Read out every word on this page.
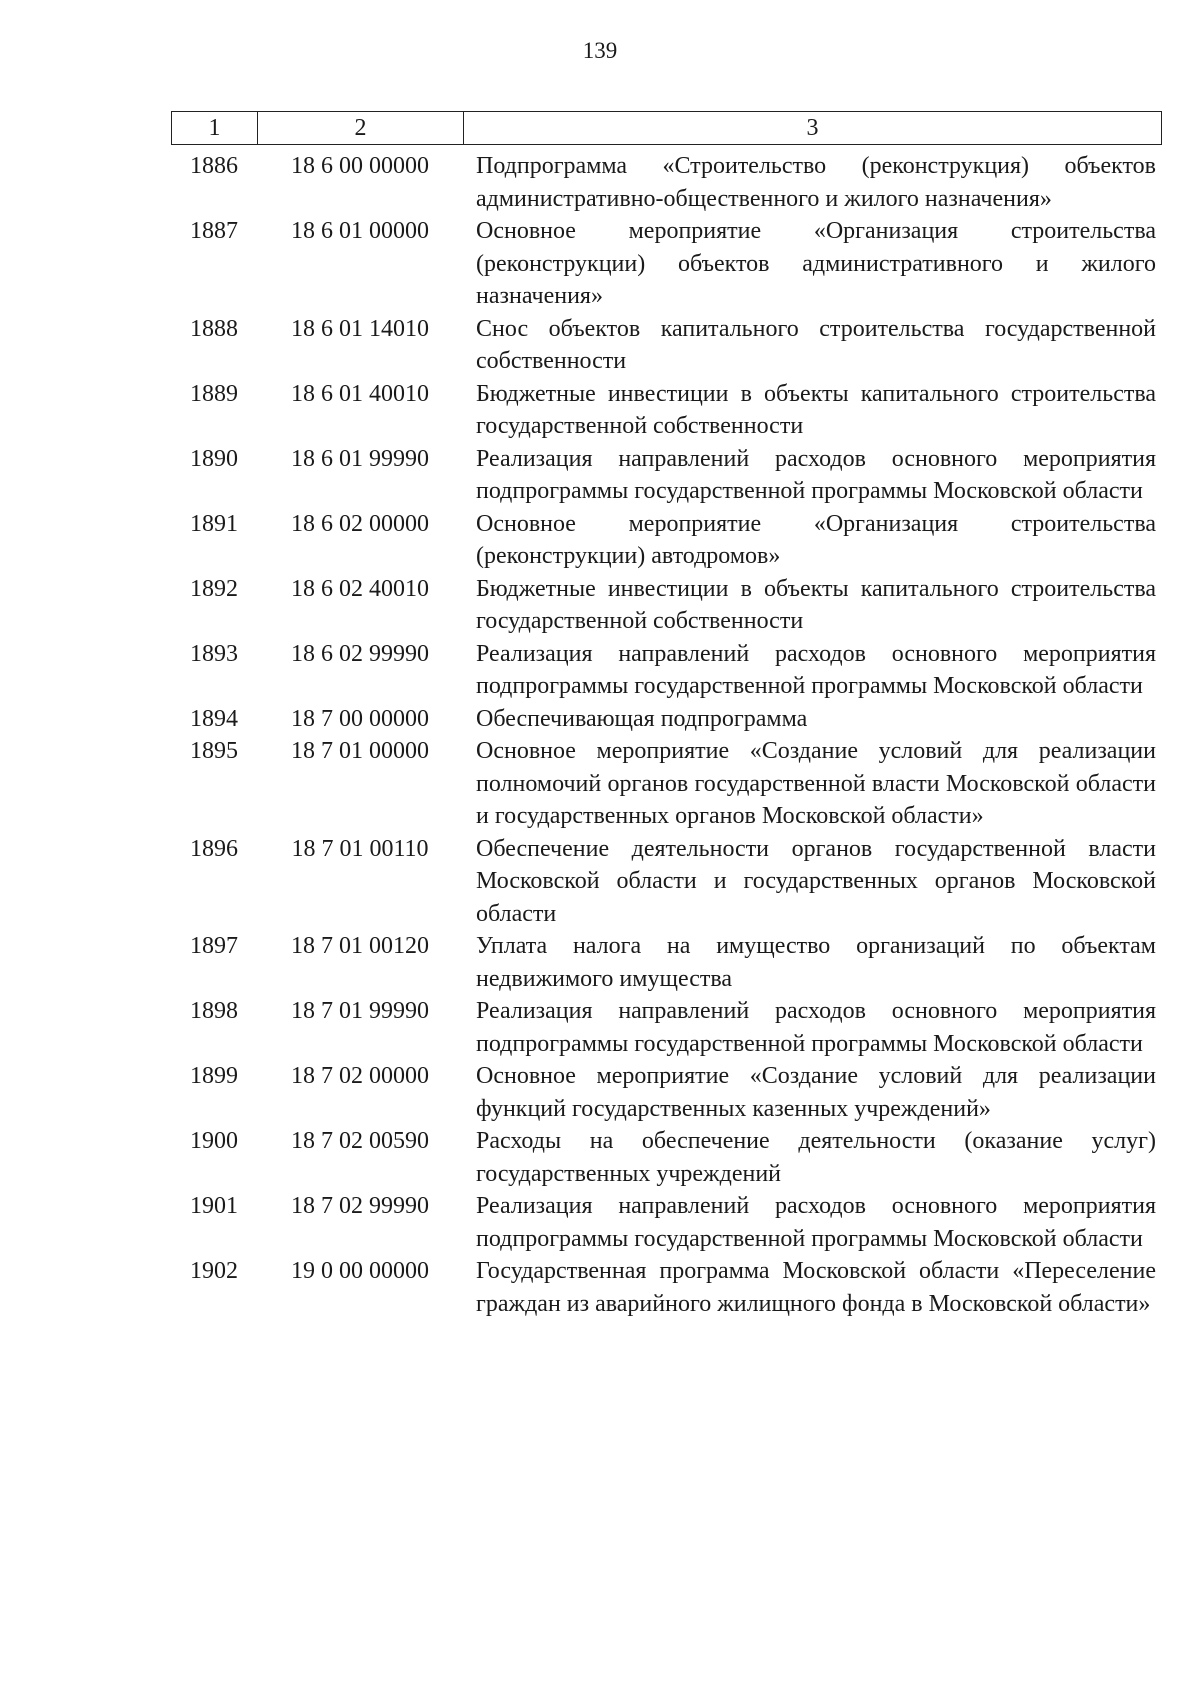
139
1	2	3
1886	18 6 00 00000	Подпрограмма «Строительство (реконструкция) объектов административно-общественного и жилого назначения»
1887	18 6 01 00000	Основное мероприятие «Организация строительства (реконструкции) объектов административного и жилого назначения»
1888	18 6 01 14010	Снос объектов капитального строительства государственной собственности
1889	18 6 01 40010	Бюджетные инвестиции в объекты капитального строительства государственной собственности
1890	18 6 01 99990	Реализация направлений расходов основного мероприятия подпрограммы государственной программы Московской области
1891	18 6 02 00000	Основное мероприятие «Организация строительства (реконструкции) автодромов»
1892	18 6 02 40010	Бюджетные инвестиции в объекты капитального строительства государственной собственности
1893	18 6 02 99990	Реализация направлений расходов основного мероприятия подпрограммы государственной программы Московской области
1894	18 7 00 00000	Обеспечивающая подпрограмма
1895	18 7 01 00000	Основное мероприятие «Создание условий для реализации полномочий органов государственной власти Московской области и государственных органов Московской области»
1896	18 7 01 00110	Обеспечение деятельности органов государственной власти Московской области и государственных органов Московской области
1897	18 7 01 00120	Уплата налога на имущество организаций по объектам недвижимого имущества
1898	18 7 01 99990	Реализация направлений расходов основного мероприятия подпрограммы государственной программы Московской области
1899	18 7 02 00000	Основное мероприятие «Создание условий для реализации функций государственных казенных учреждений»
1900	18 7 02 00590	Расходы на обеспечение деятельности (оказание услуг) государственных учреждений
1901	18 7 02 99990	Реализация направлений расходов основного мероприятия подпрограммы государственной программы Московской области
1902	19 0 00 00000	Государственная программа Московской области «Переселение граждан из аварийного жилищного фонда в Московской области»
